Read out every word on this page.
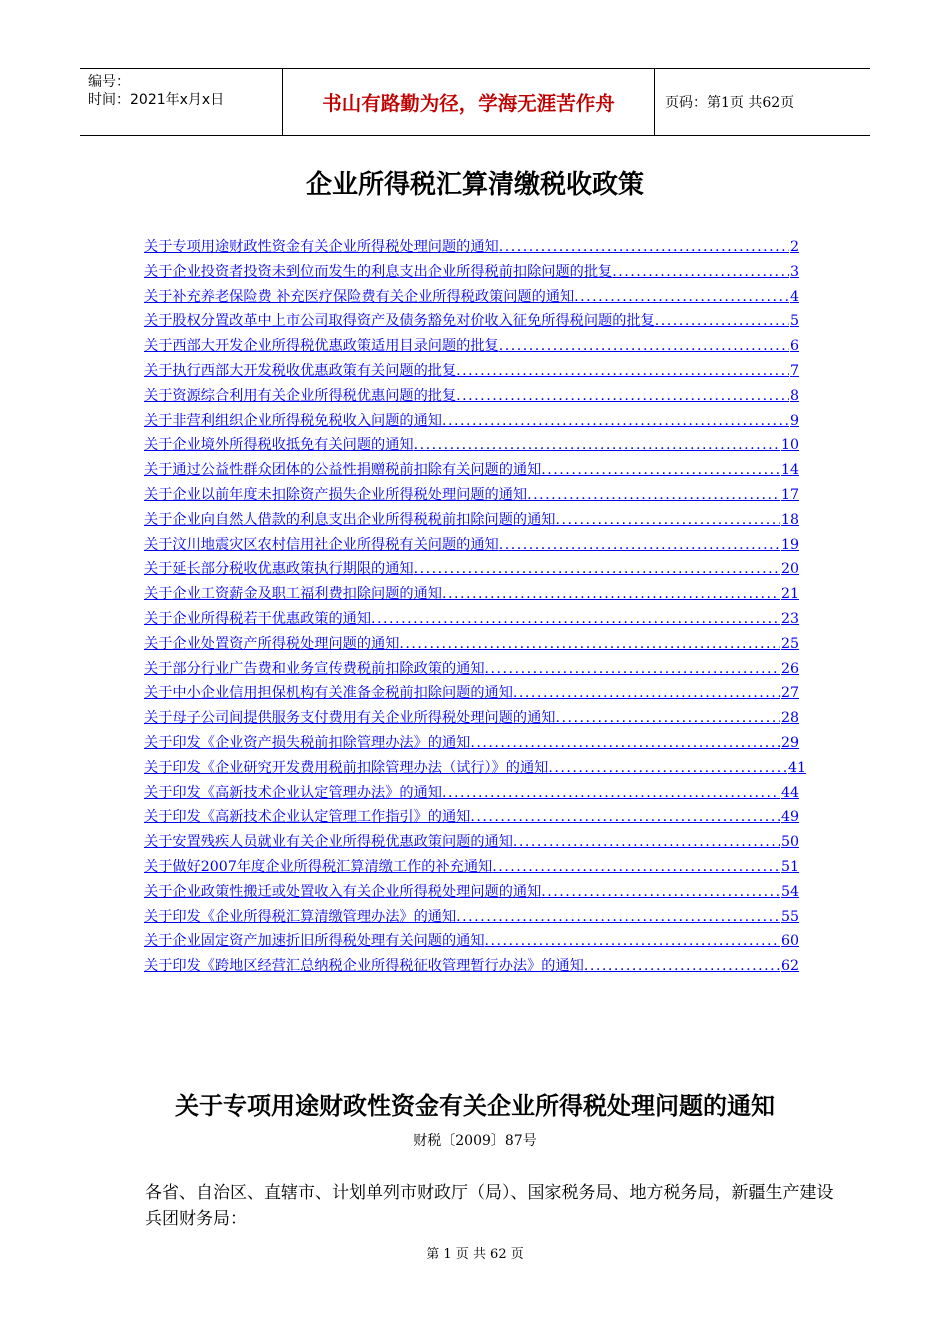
编号：
时间：2021年x月x日	书山有路勤为径，学海无涯苦作舟	页码：第1页 共62页
企业所得税汇算清缴税收政策
关于专项用途财政性资金有关企业所得税处理问题的通知 .....	2
关于企业投资者投资未到位而发生的利息支出企业所得税前扣除问题的批复 .....	3
关于补充养老保险费 补充医疗保险费有关企业所得税政策问题的通知 .....	4
关于股权分置改革中上市公司取得资产及债务豁免对价收入征免所得税问题的批复 .....	5
关于西部大开发企业所得税优惠政策适用目录问题的批复 .....	6
关于执行西部大开发税收优惠政策有关问题的批复 .....	7
关于资源综合利用有关企业所得税优惠问题的批复 .....	8
关于非营利组织企业所得税免税收入问题的通知 .....	9
关于企业境外所得税收抵免有关问题的通知 .....	10
关于通过公益性群众团体的公益性捐赠税前扣除有关问题的通知 .....	14
关于企业以前年度未扣除资产损失企业所得税处理问题的通知 .....	17
关于企业向自然人借款的利息支出企业所得税税前扣除问题的通知 .....	18
关于汶川地震灾区农村信用社企业所得税有关问题的通知 .....	19
关于延长部分税收优惠政策执行期限的通知 .....	20
关于企业工资薪金及职工福利费扣除问题的通知 .....	21
关于企业所得税若干优惠政策的通知 .....	23
关于企业处置资产所得税处理问题的通知 .....	25
关于部分行业广告费和业务宣传费税前扣除政策的通知 .....	26
关于中小企业信用担保机构有关准备金税前扣除问题的通知 .....	27
关于母子公司间提供服务支付费用有关企业所得税处理问题的通知 .....	28
关于印发《企业资产损失税前扣除管理办法》的通知 .....	29
关于印发《企业研究开发费用税前扣除管理办法（试行）》的通知 .....	41
关于印发《高新技术企业认定管理办法》的通知 .....	44
关于印发《高新技术企业认定管理工作指引》的通知 .....	49
关于安置残疾人员就业有关企业所得税优惠政策问题的通知 .....	50
关于做好2007年度企业所得税汇算清缴工作的补充通知 .....	51
关于企业政策性搬迁或处置收入有关企业所得税处理问题的通知 .....	54
关于印发《企业所得税汇算清缴管理办法》的通知 .....	55
关于企业固定资产加速折旧所得税处理有关问题的通知 .....	60
关于印发《跨地区经营汇总纳税企业所得税征收管理暂行办法》的通知 .....	62
关于专项用途财政性资金有关企业所得税处理问题的通知
财税〔2009〕87号

各省、自治区、直辖市、计划单列市财政厅（局）、国家税务局、地方税务局，新疆生产建设兵团财务局：

第 1 页 共 62 页
